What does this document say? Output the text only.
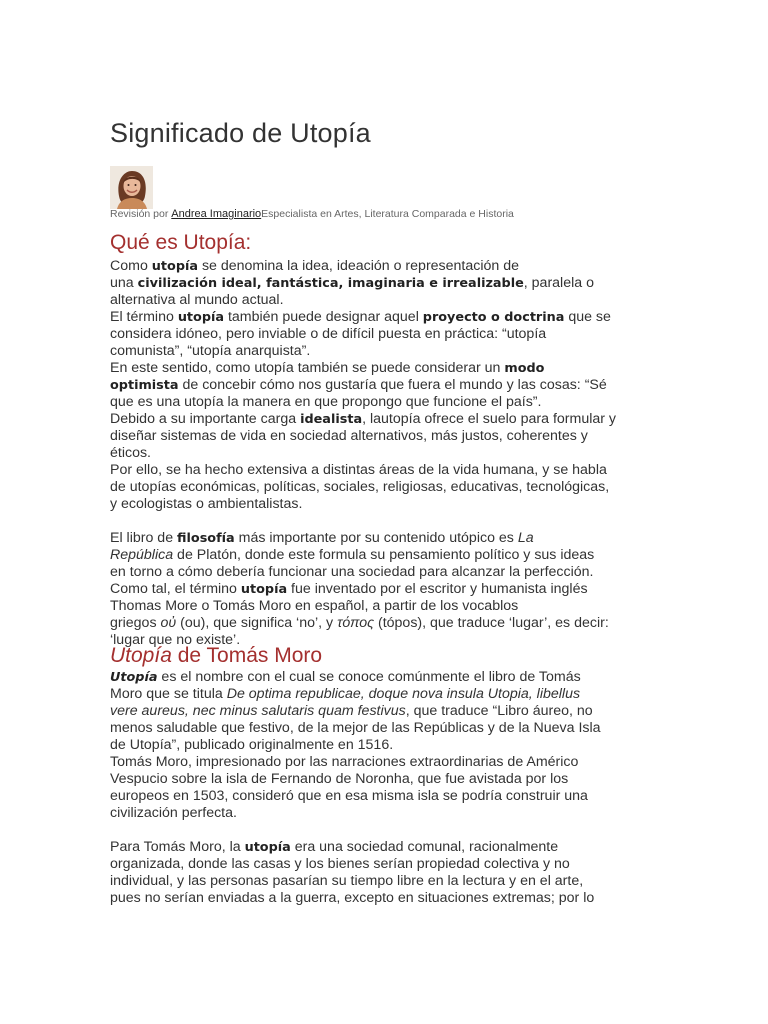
Significado de Utopía
Revisión por Andrea ImaginarioEspecialista en Artes, Literatura Comparada e Historia
Qué es Utopía:

Como utopía se denomina la idea, ideación o representación de

una civilización ideal, fantástica, imaginaria e irrealizable, paralela o

alternativa al mundo actual.

El término utopía también puede designar aquel proyecto o doctrina que se

considera idóneo, pero inviable o de difícil puesta en práctica: “utopía

comunista”, “utopía anarquista”.

En este sentido, como utopía también se puede considerar un modo

optimista de concebir cómo nos gustaría que fuera el mundo y las cosas: “Sé

que es una utopía la manera en que propongo que funcione el país”.

Debido a su importante carga idealista, lautopía ofrece el suelo para formular y

diseñar sistemas de vida en sociedad alternativos, más justos, coherentes y

éticos.

Por ello, se ha hecho extensiva a distintas áreas de la vida humana, y se habla

de utopías económicas, políticas, sociales, religiosas, educativas, tecnológicas,

y ecologistas o ambientalistas.

El libro de filosofía más importante por su contenido utópico es La

República de Platón, donde este formula su pensamiento político y sus ideas

en torno a cómo debería funcionar una sociedad para alcanzar la perfección.

Como tal, el término utopía fue inventado por el escritor y humanista inglés

Thomas More o Tomás Moro en español, a partir de los vocablos

griegos οὐ (ou), que significa ‘no’, y τόπος (tópos), que traduce ‘lugar’, es decir:

‘lugar que no existe’.

Utopía de Tomás Moro

Utopía es el nombre con el cual se conoce comúnmente el libro de Tomás

Moro que se titula De optima republicae, doque nova insula Utopia, libellus

vere aureus, nec minus salutaris quam festivus, que traduce “Libro áureo, no

menos saludable que festivo, de la mejor de las Repúblicas y de la Nueva Isla

de Utopía”, publicado originalmente en 1516.

Tomás Moro, impresionado por las narraciones extraordinarias de Américo

Vespucio sobre la isla de Fernando de Noronha, que fue avistada por los

europeos en 1503, consideró que en esa misma isla se podría construir una

civilización perfecta.

Para Tomás Moro, la utopía era una sociedad comunal, racionalmente

organizada, donde las casas y los bienes serían propiedad colectiva y no

individual, y las personas pasarían su tiempo libre en la lectura y en el arte,

pues no serían enviadas a la guerra, excepto en situaciones extremas; por lo
